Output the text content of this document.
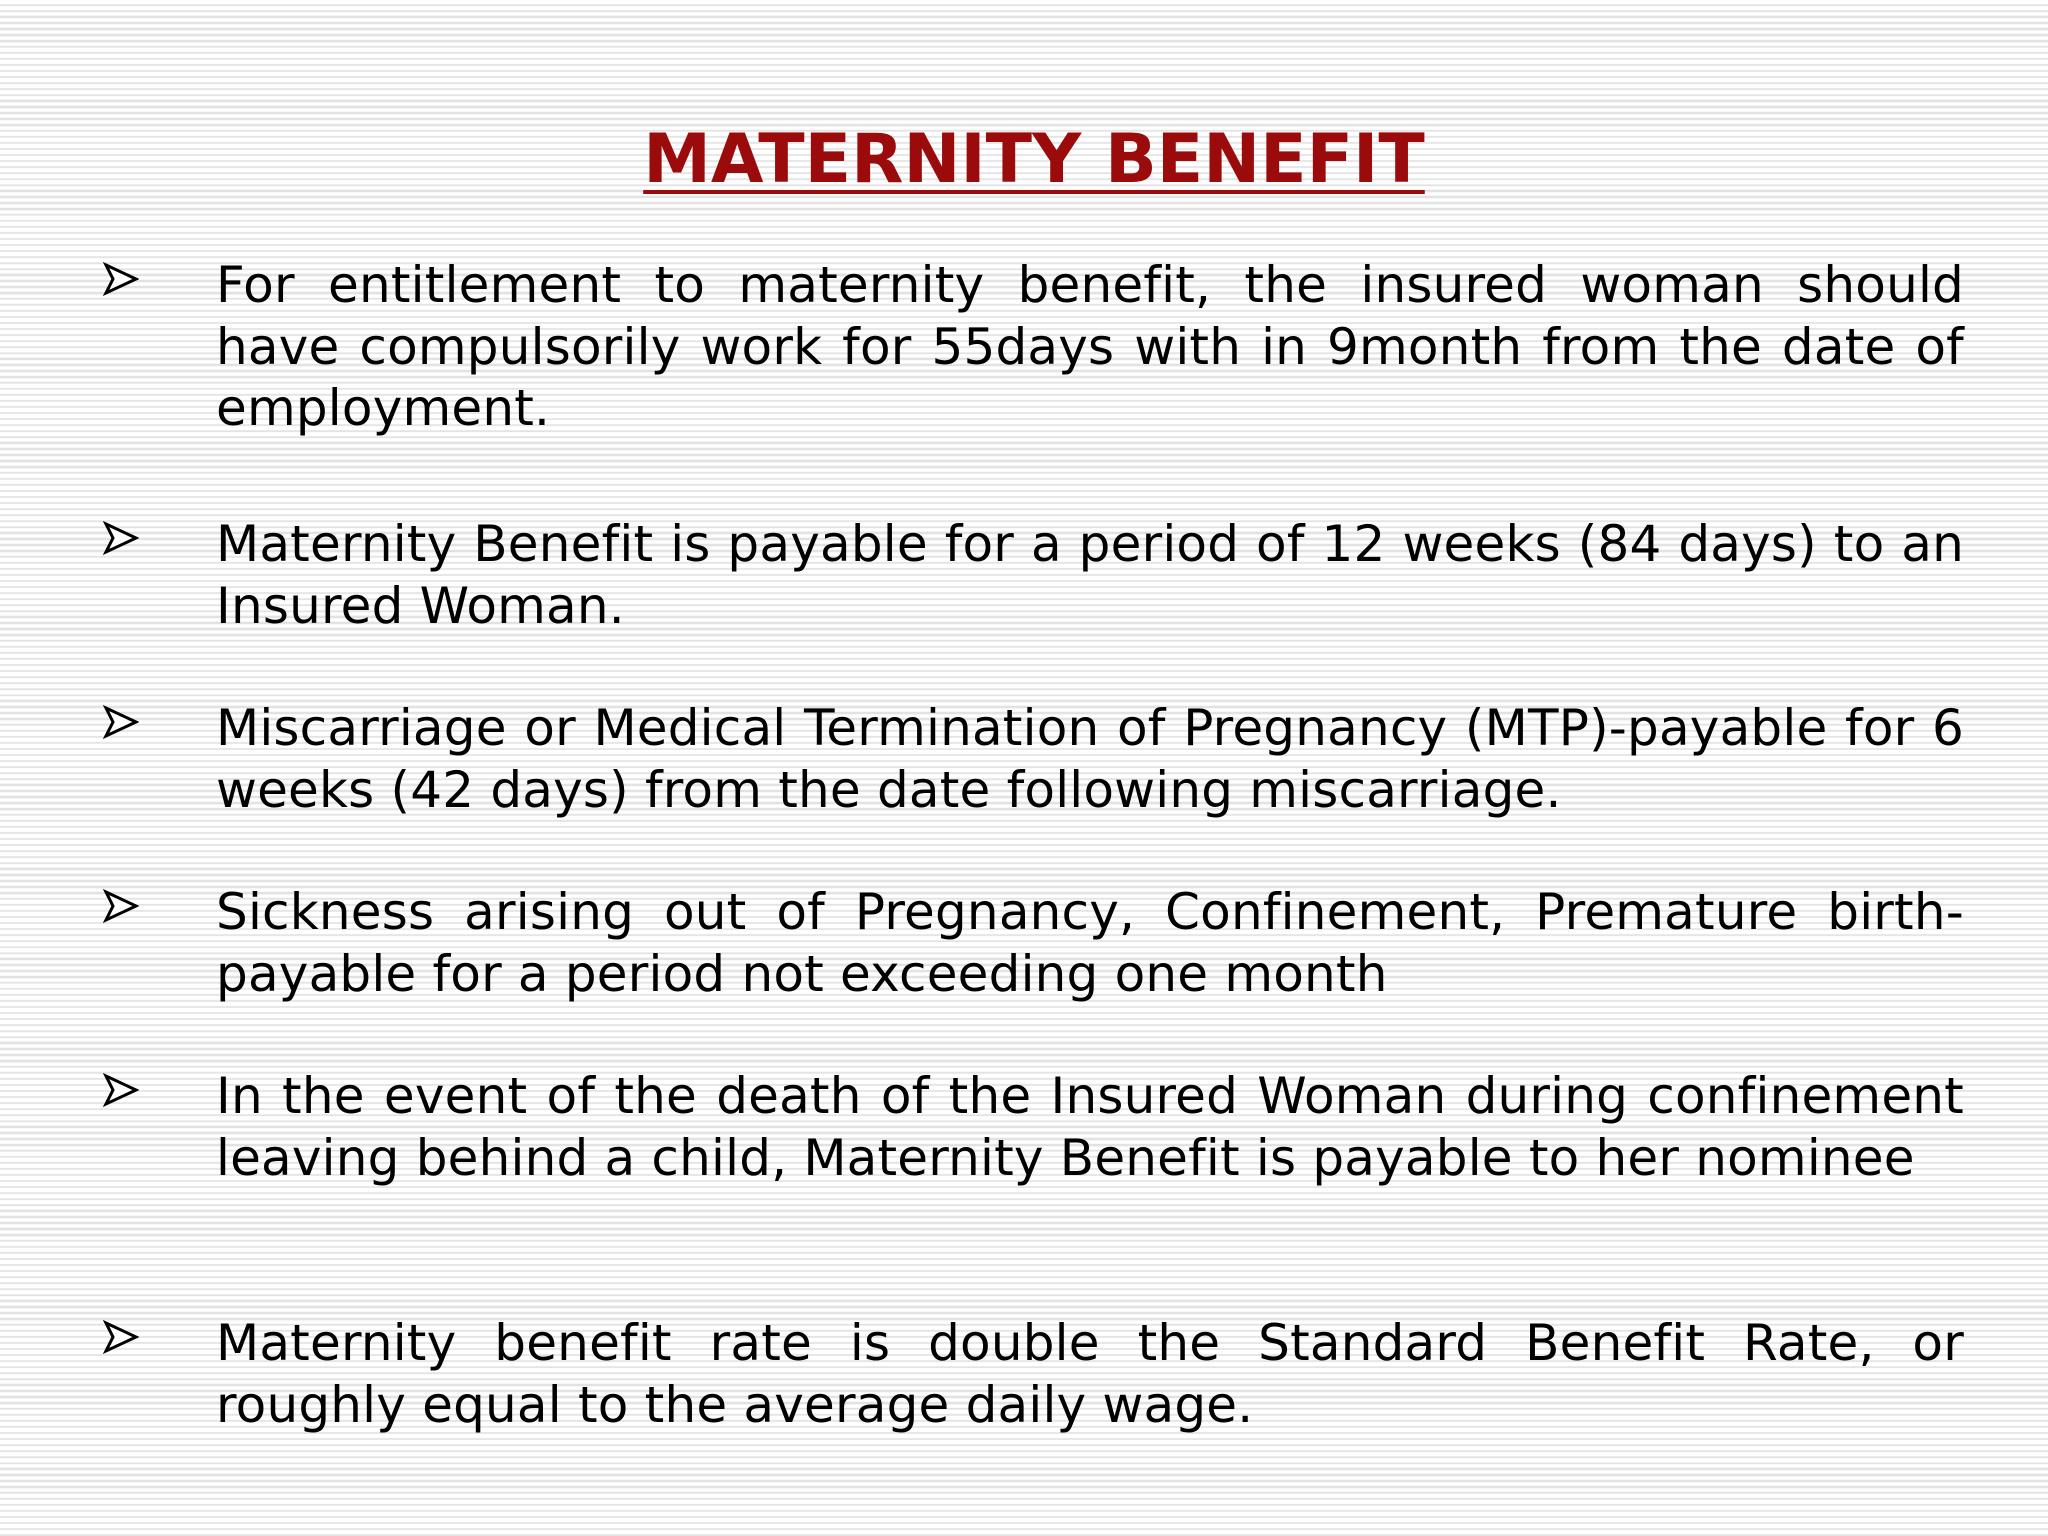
MATERNITY BENEFIT

For entitlement to maternity benefit, the insured woman should have compulsorily work for 55days with in 9month from the date of employment.

Maternity Benefit is payable for a period of 12 weeks (84 days) to an Insured Woman.

Miscarriage or Medical Termination of Pregnancy (MTP)-payable for 6 weeks (42 days) from the date following miscarriage.

Sickness arising out of Pregnancy, Confinement, Premature birth-payable for a period not exceeding one month

In the event of the death of the Insured Woman during confinement leaving behind a child, Maternity Benefit is payable to her nominee

Maternity benefit rate is double the Standard Benefit Rate, or roughly equal to the average daily wage.
